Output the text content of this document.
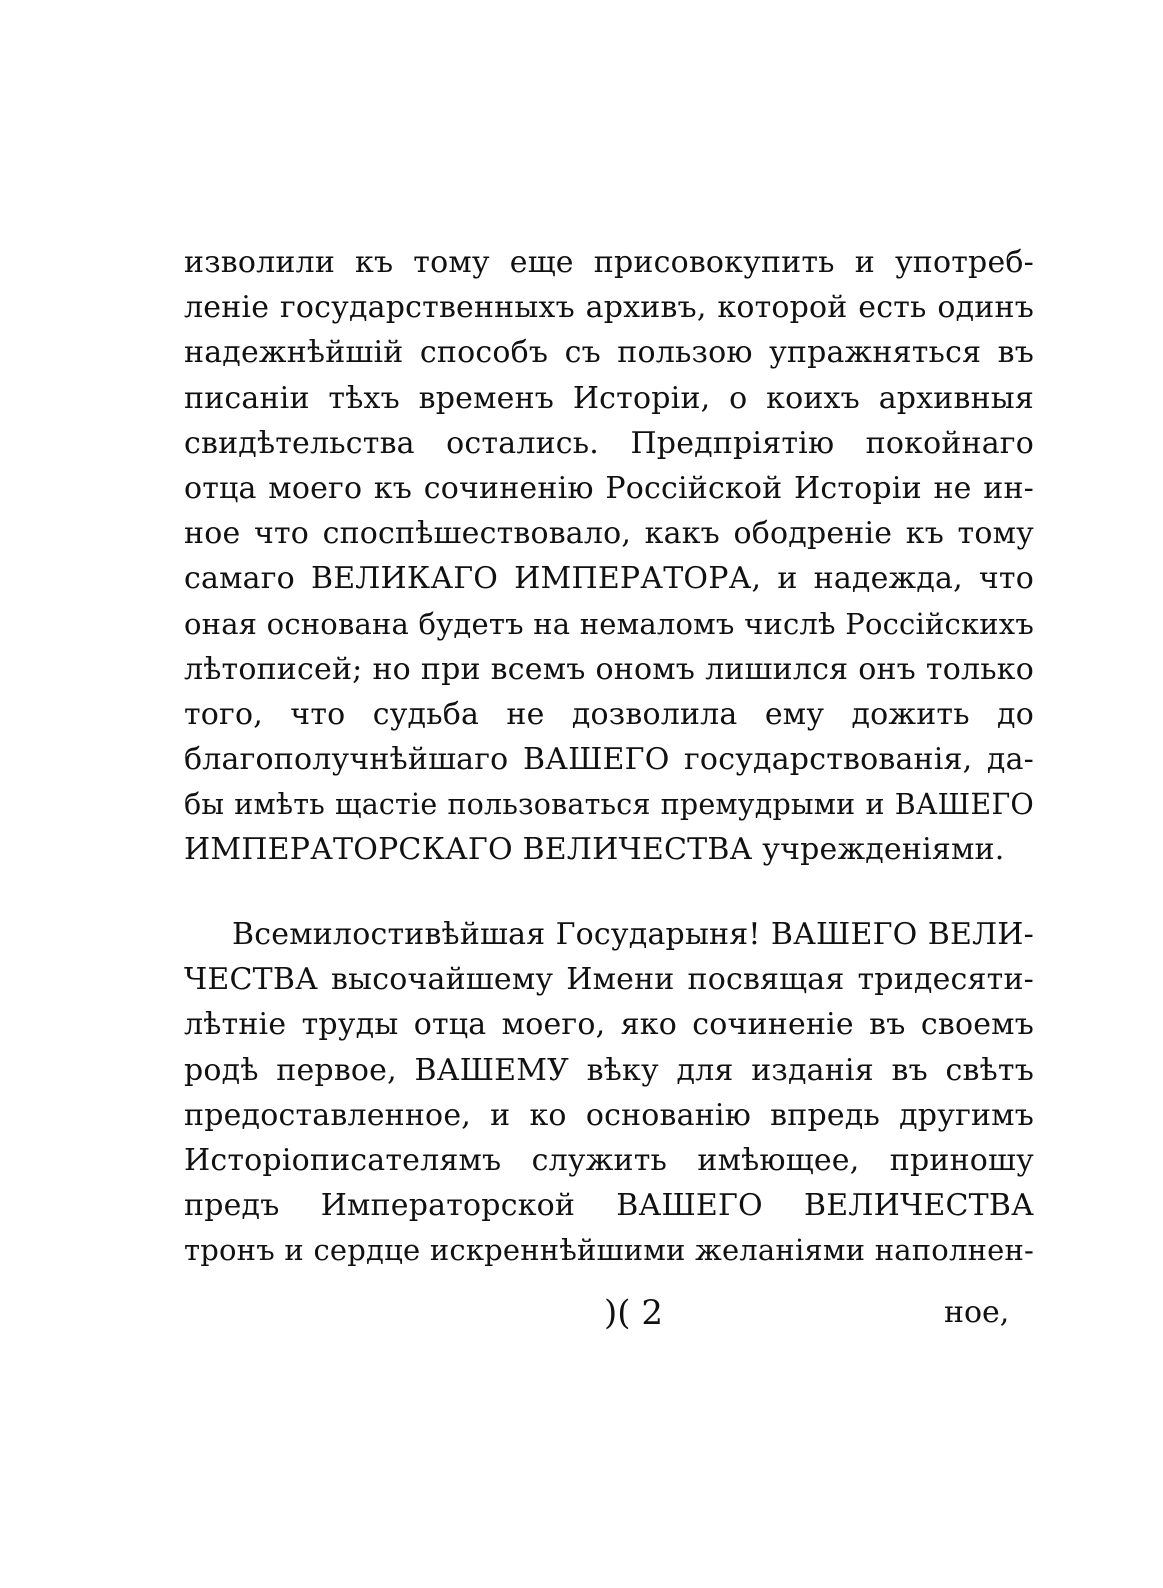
изволили къ тому еще присовокупить и употреб-
ленiе государственныхъ архивъ, которой есть одинъ
надежнѣйшiй способъ съ пользою упражняться въ
писанiи тѣхъ временъ Исторiи, о коихъ архивныя
свидѣтельства остались. Предпрiятiю покойнаго
отца моего къ сочиненiю Россiйской Исторiи не ин-
ное что споспѣшествовало, какъ ободренiе къ тому
самаго ВЕЛИКАГО ИМПЕРАТОРА, и надежда, что
оная основана будетъ на немаломъ числѣ Россiйскихъ
лѣтописей; но при всемъ ономъ лишился онъ только
того, что судьба не дозволила ему дожить до
благополучнѣйшаго ВАШЕГО государствованiя, да-
бы имѣть щастiе пользоваться премудрыми и ВАШЕГО
ИМПЕРАТОРСКАГО ВЕЛИЧЕСТВА учрежденiями.
Всемилостивѣйшая Государыня! ВАШЕГО ВЕЛИ-
ЧЕСТВА высочайшему Имени посвящая тридесяти-
лѣтнiе труды отца моего, яко сочиненiе въ своемъ
родѣ первое, ВАШЕМУ вѣку для изданiя въ свѣтъ
предоставленное, и ко основанiю впредь другимъ
Исторiописателямъ служить имѣющее, приношу
предъ Императорской ВАШЕГО ВЕЛИЧЕСТВА
тронъ и сердце искреннѣйшими желанiями наполнен-
)( 2	ное,
